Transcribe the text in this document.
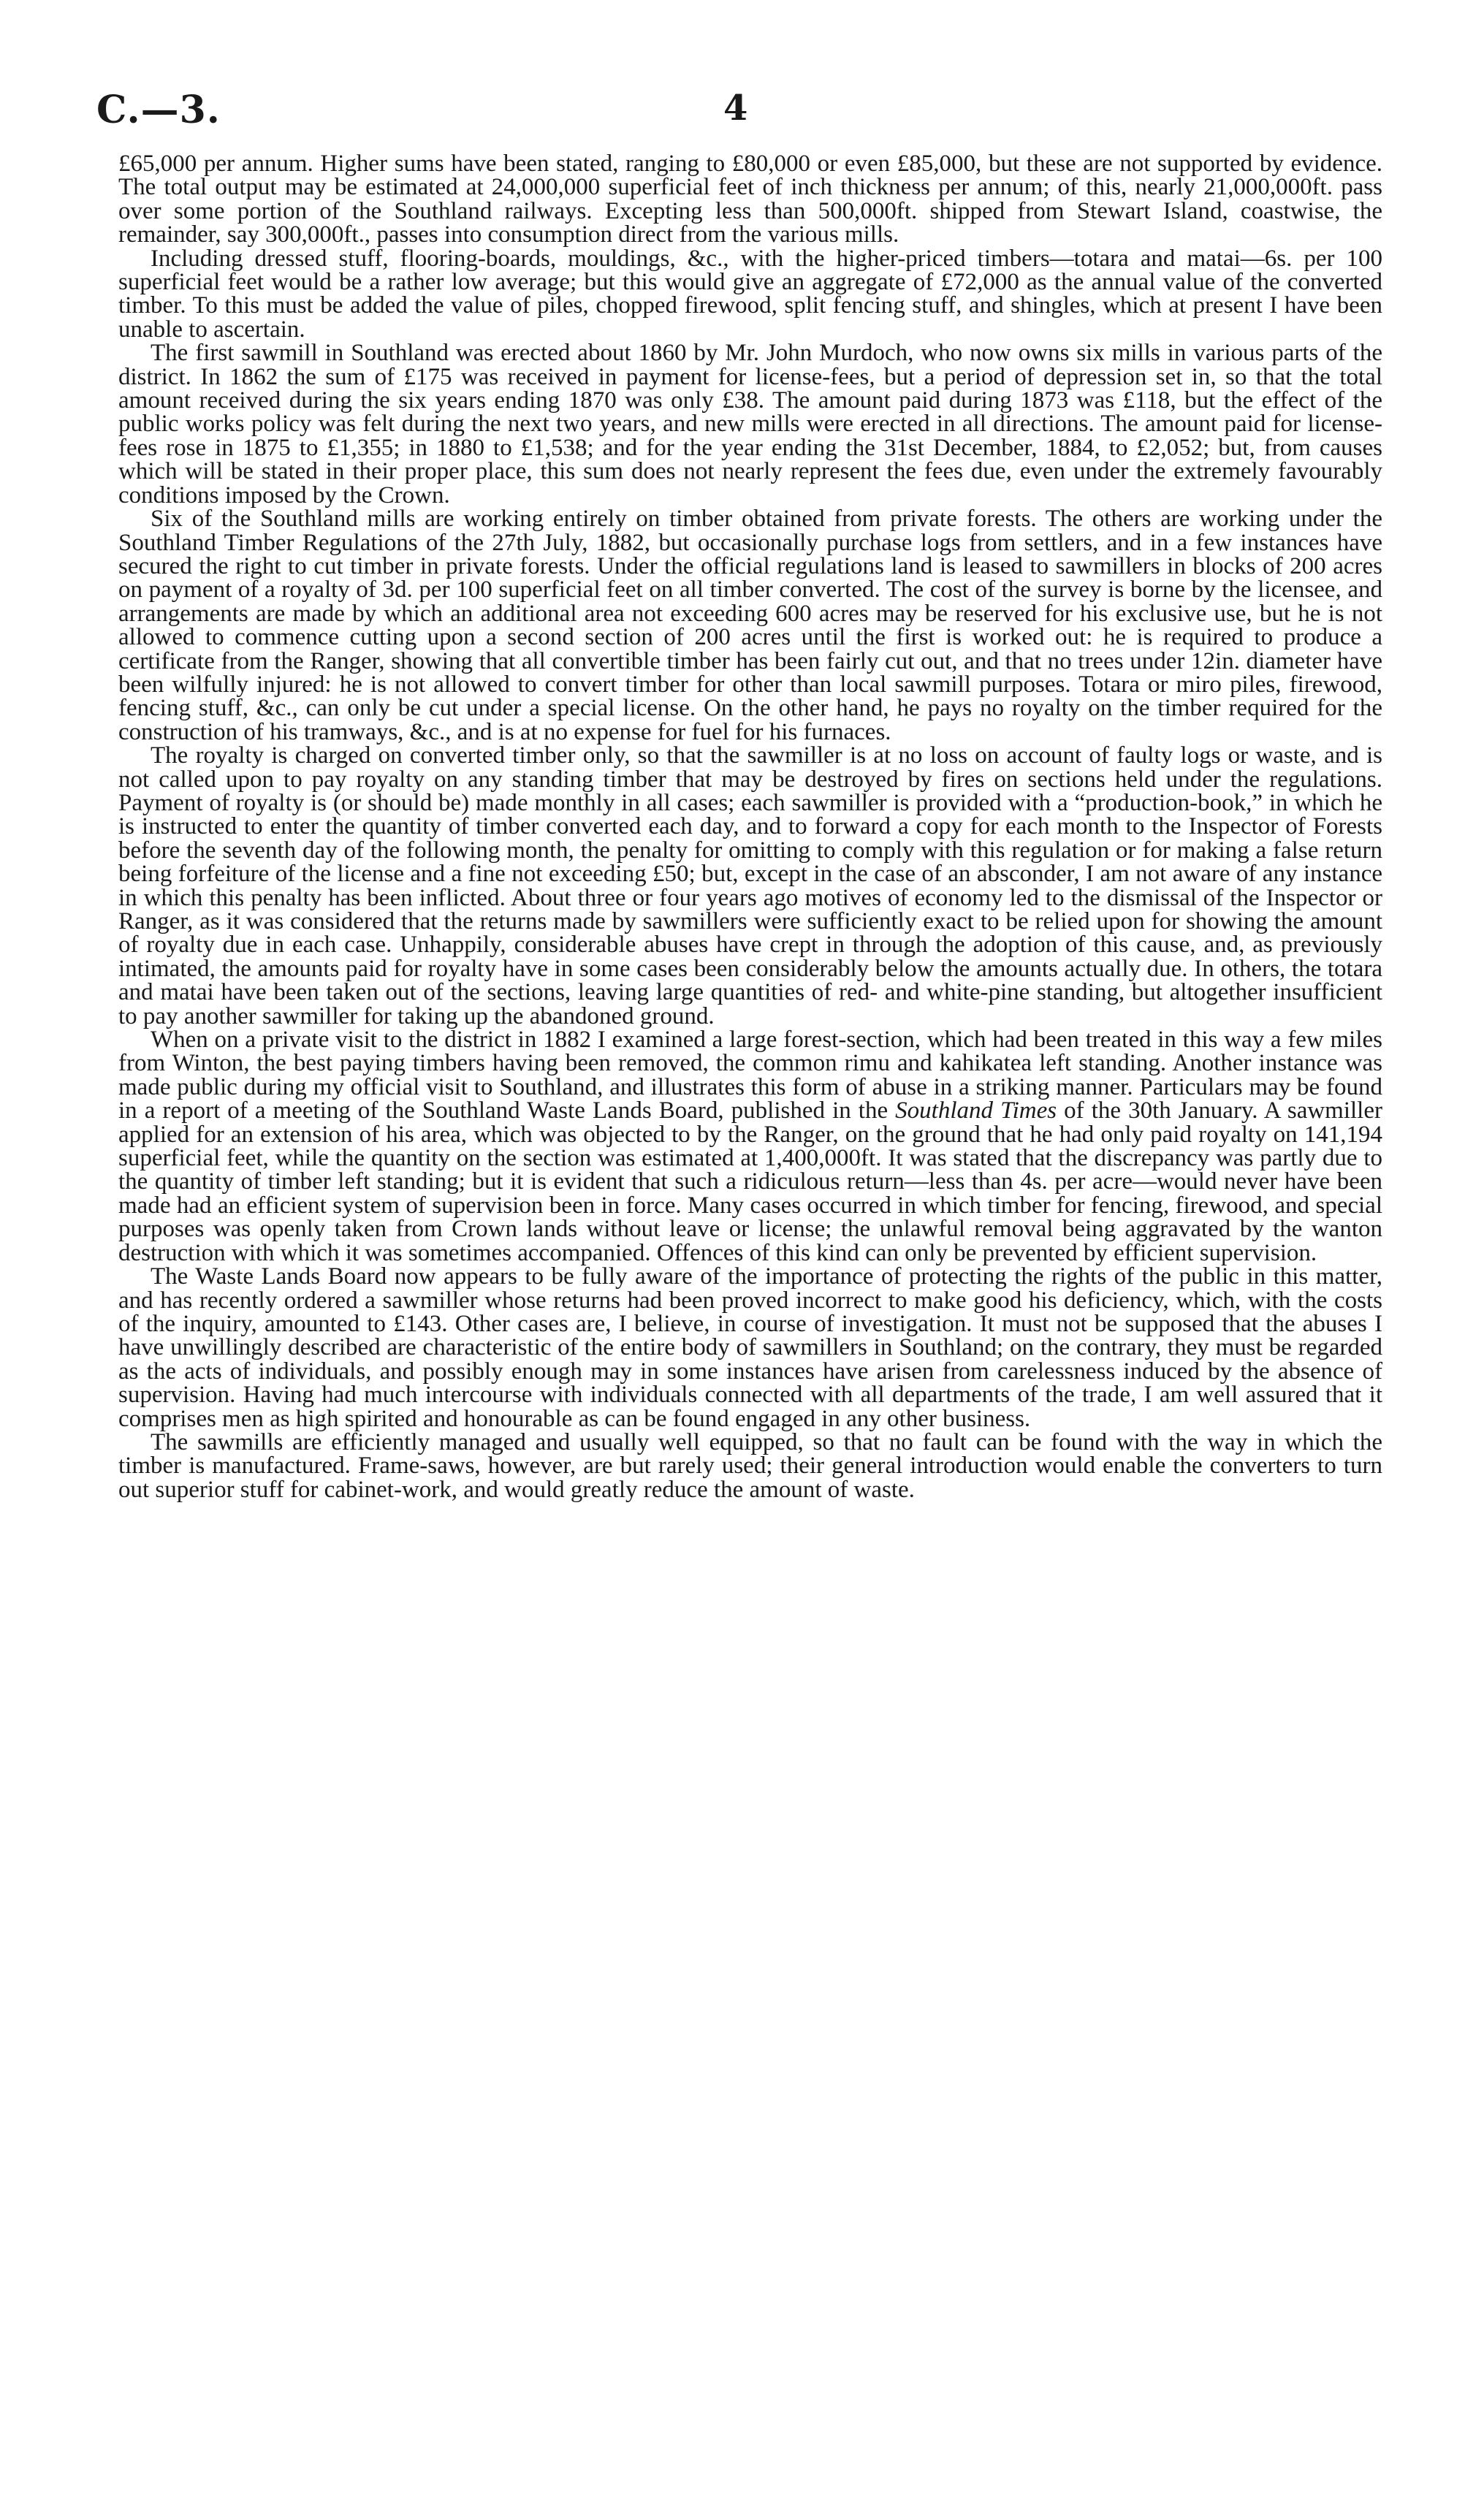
C.—3.	4

£65,000 per annum. Higher sums have been stated, ranging to £80,000 or even £85,000, but these are not supported by evidence. The total output may be estimated at 24,000,000 superficial feet of inch thickness per annum; of this, nearly 21,000,000ft. pass over some portion of the Southland railways. Excepting less than 500,000ft. shipped from Stewart Island, coastwise, the remainder, say 300,000ft., passes into consumption direct from the various mills.

Including dressed stuff, flooring-boards, mouldings, &c., with the higher-priced timbers—totara and matai—6s. per 100 superficial feet would be a rather low average; but this would give an aggregate of £72,000 as the annual value of the converted timber. To this must be added the value of piles, chopped firewood, split fencing stuff, and shingles, which at present I have been unable to ascertain.

The first sawmill in Southland was erected about 1860 by Mr. John Murdoch, who now owns six mills in various parts of the district. In 1862 the sum of £175 was received in payment for license-fees, but a period of depression set in, so that the total amount received during the six years ending 1870 was only £38. The amount paid during 1873 was £118, but the effect of the public works policy was felt during the next two years, and new mills were erected in all directions. The amount paid for license-fees rose in 1875 to £1,355; in 1880 to £1,538; and for the year ending the 31st December, 1884, to £2,052; but, from causes which will be stated in their proper place, this sum does not nearly represent the fees due, even under the extremely favourably conditions imposed by the Crown.

Six of the Southland mills are working entirely on timber obtained from private forests. The others are working under the Southland Timber Regulations of the 27th July, 1882, but occasionally purchase logs from settlers, and in a few instances have secured the right to cut timber in private forests. Under the official regulations land is leased to sawmillers in blocks of 200 acres on payment of a royalty of 3d. per 100 superficial feet on all timber converted. The cost of the survey is borne by the licensee, and arrangements are made by which an additional area not exceeding 600 acres may be reserved for his exclusive use, but he is not allowed to commence cutting upon a second section of 200 acres until the first is worked out: he is required to produce a certificate from the Ranger, showing that all convertible timber has been fairly cut out, and that no trees under 12in. diameter have been wilfully injured: he is not allowed to convert timber for other than local sawmill purposes. Totara or miro piles, firewood, fencing stuff, &c., can only be cut under a special license. On the other hand, he pays no royalty on the timber required for the construction of his tramways, &c., and is at no expense for fuel for his furnaces.

The royalty is charged on converted timber only, so that the sawmiller is at no loss on account of faulty logs or waste, and is not called upon to pay royalty on any standing timber that may be destroyed by fires on sections held under the regulations. Payment of royalty is (or should be) made monthly in all cases; each sawmiller is provided with a “production-book,” in which he is instructed to enter the quantity of timber converted each day, and to forward a copy for each month to the Inspector of Forests before the seventh day of the following month, the penalty for omitting to comply with this regulation or for making a false return being forfeiture of the license and a fine not exceeding £50; but, except in the case of an absconder, I am not aware of any instance in which this penalty has been inflicted. About three or four years ago motives of economy led to the dismissal of the Inspector or Ranger, as it was considered that the returns made by sawmillers were sufficiently exact to be relied upon for showing the amount of royalty due in each case. Unhappily, considerable abuses have crept in through the adoption of this cause, and, as previously intimated, the amounts paid for royalty have in some cases been considerably below the amounts actually due. In others, the totara and matai have been taken out of the sections, leaving large quantities of red- and white-pine standing, but altogether insufficient to pay another sawmiller for taking up the abandoned ground.

When on a private visit to the district in 1882 I examined a large forest-section, which had been treated in this way a few miles from Winton, the best paying timbers having been removed, the common rimu and kahikatea left standing. Another instance was made public during my official visit to Southland, and illustrates this form of abuse in a striking manner. Particulars may be found in a report of a meeting of the Southland Waste Lands Board, published in the Southland Times of the 30th January. A sawmiller applied for an extension of his area, which was objected to by the Ranger, on the ground that he had only paid royalty on 141,194 superficial feet, while the quantity on the section was estimated at 1,400,000ft. It was stated that the discrepancy was partly due to the quantity of timber left standing; but it is evident that such a ridiculous return—less than 4s. per acre—would never have been made had an efficient system of supervision been in force. Many cases occurred in which timber for fencing, firewood, and special purposes was openly taken from Crown lands without leave or license; the unlawful removal being aggravated by the wanton destruction with which it was sometimes accompanied. Offences of this kind can only be prevented by efficient supervision.

The Waste Lands Board now appears to be fully aware of the importance of protecting the rights of the public in this matter, and has recently ordered a sawmiller whose returns had been proved incorrect to make good his deficiency, which, with the costs of the inquiry, amounted to £143. Other cases are, I believe, in course of investigation. It must not be supposed that the abuses I have unwillingly described are characteristic of the entire body of sawmillers in Southland; on the contrary, they must be regarded as the acts of individuals, and possibly enough may in some instances have arisen from carelessness induced by the absence of supervision. Having had much intercourse with individuals connected with all departments of the trade, I am well assured that it comprises men as high spirited and honourable as can be found engaged in any other business.

The sawmills are efficiently managed and usually well equipped, so that no fault can be found with the way in which the timber is manufactured. Frame-saws, however, are but rarely used; their general introduction would enable the converters to turn out superior stuff for cabinet-work, and would greatly reduce the amount of waste.
